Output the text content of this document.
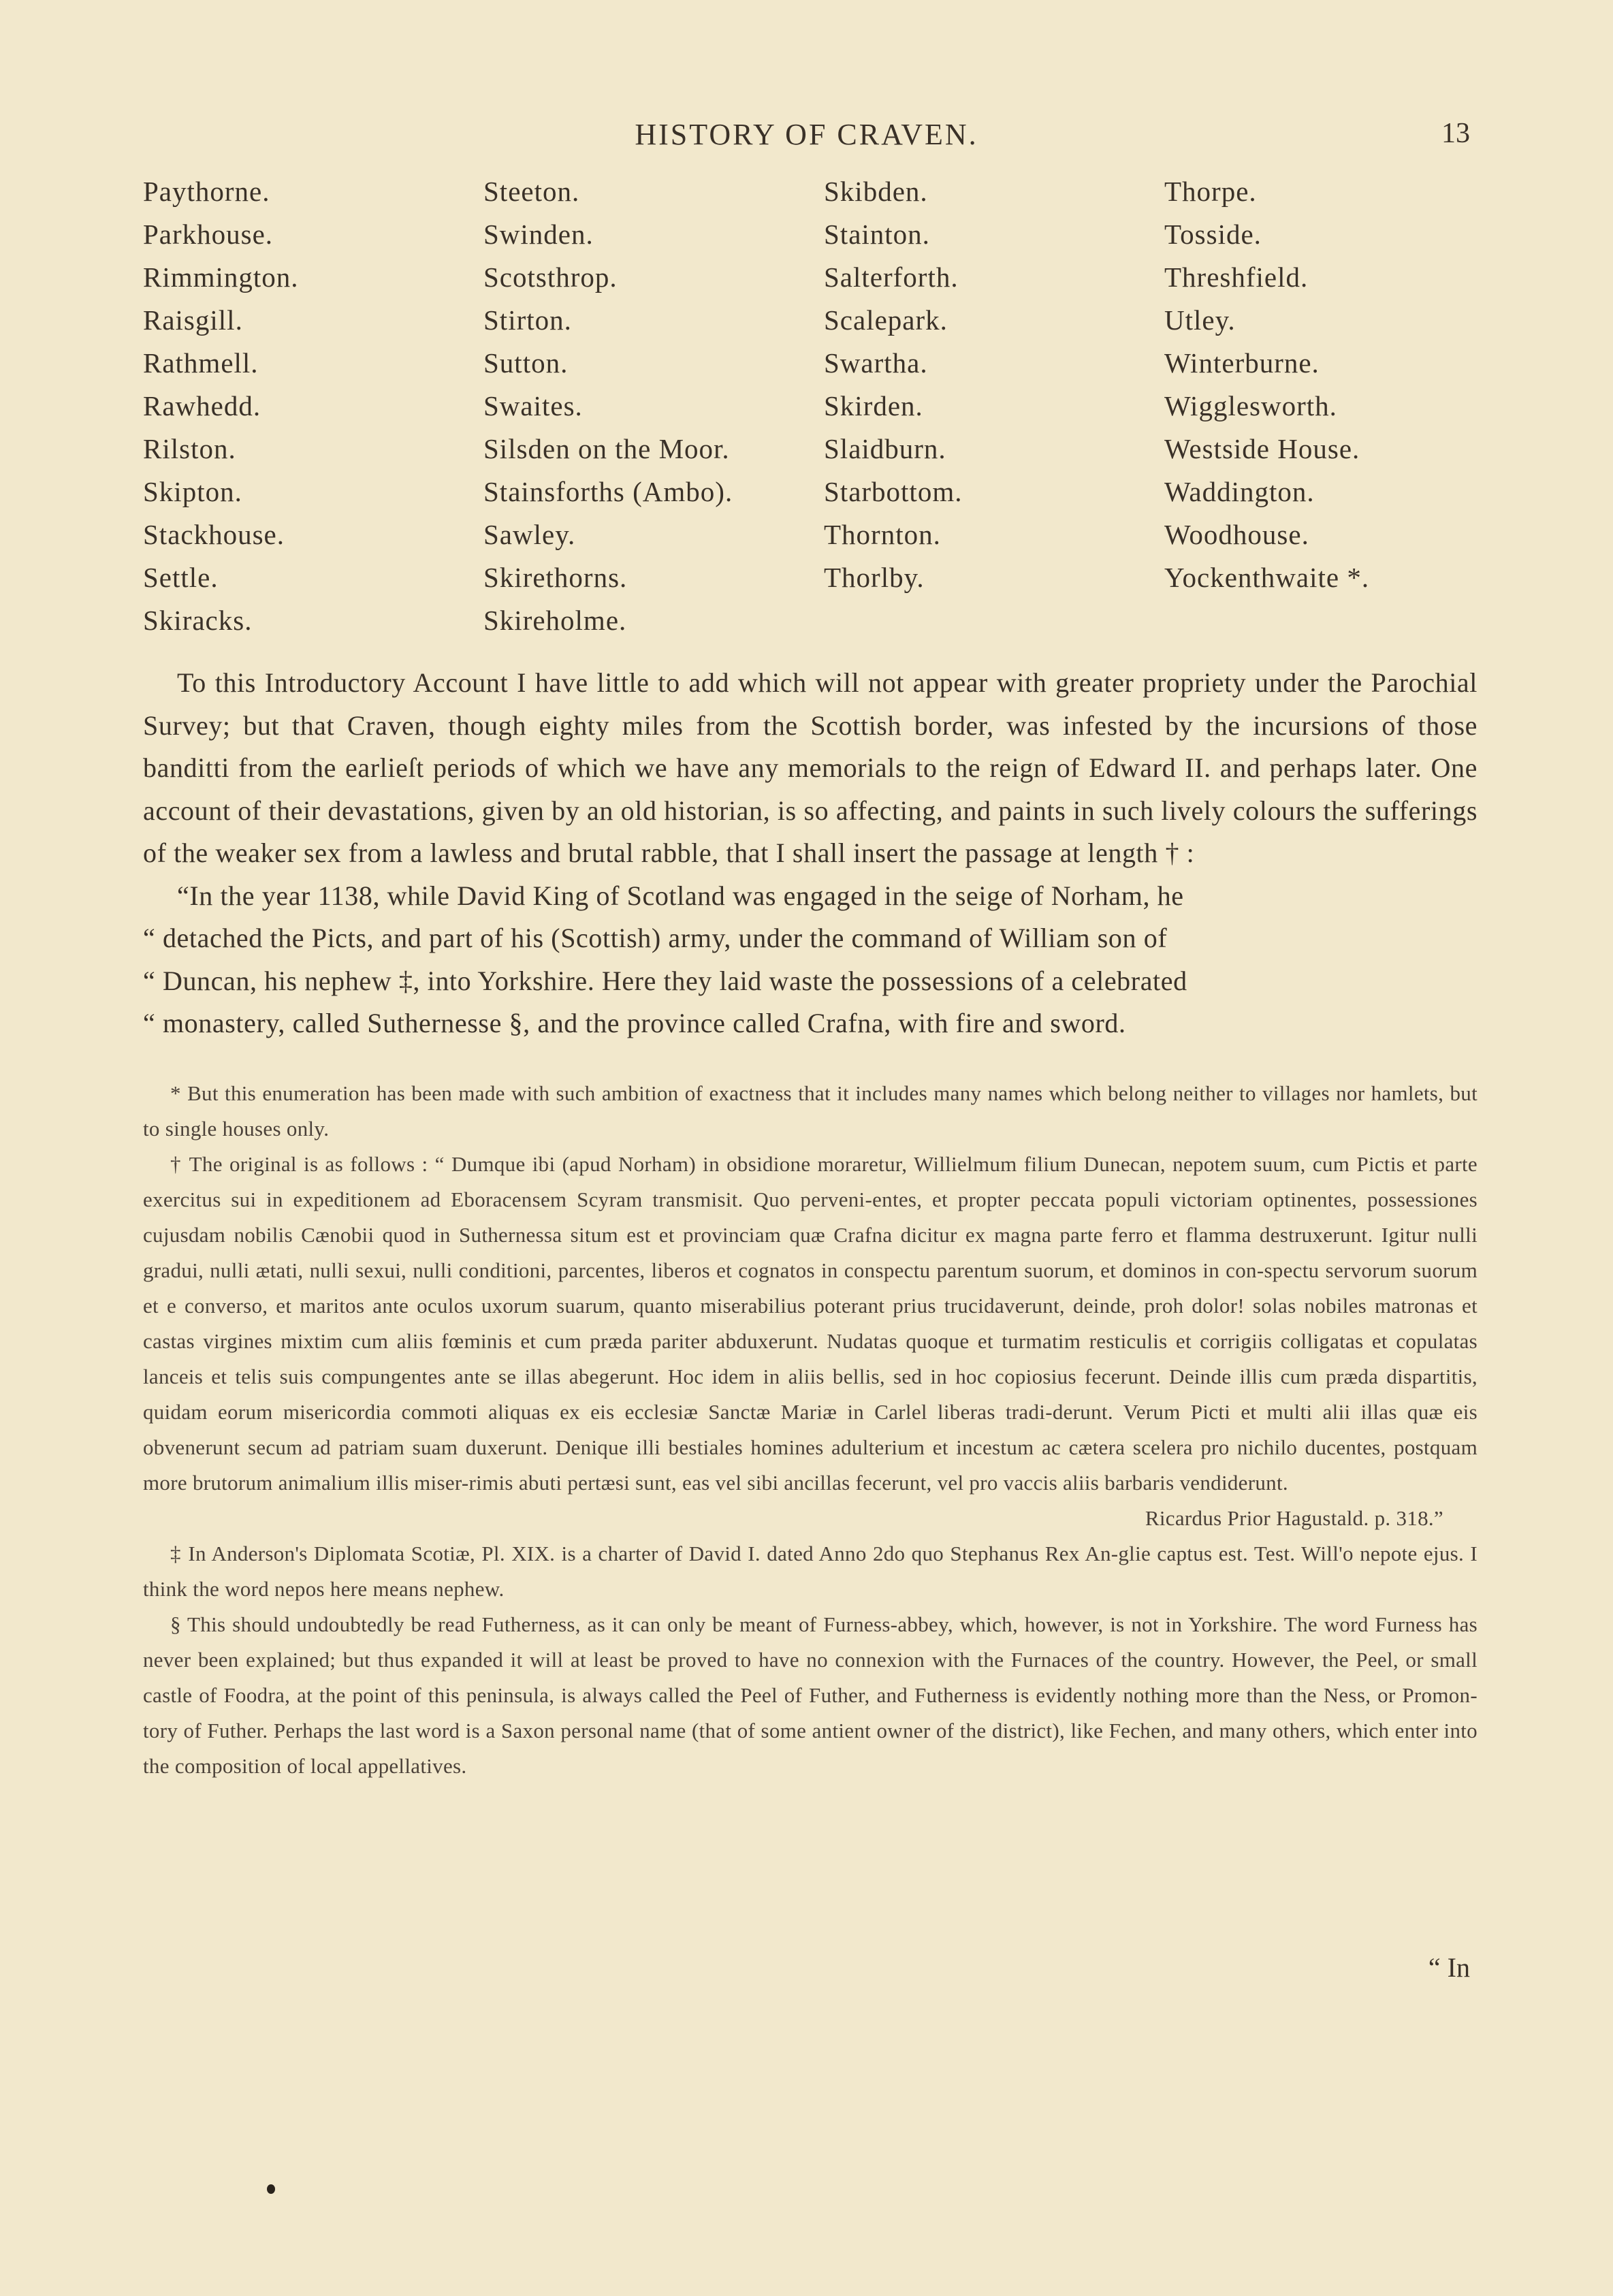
HISTORY OF CRAVEN.	13
Paythorne.
Parkhouse.
Rimmington.
Raisgill.
Rathmell.
Rawhedd.
Rilston.
Skipton.
Stackhouse.
Settle.
Skiracks.
Steeton.
Swinden.
Scotsthrop.
Stirton.
Sutton.
Swaites.
Silsden on the Moor.
Stainsforths (Ambo).
Sawley.
Skirethorns.
Skireholme.
Skibden.
Stainton.
Salterforth.
Scalepark.
Swartha.
Skirden.
Slaidburn.
Starbottom.
Thornton.
Thorlby.
Thorpe.
Tosside.
Threshfield.
Utley.
Winterburne.
Wigglesworth.
Westside House.
Waddington.
Woodhouse.
Yockenthwaite *.

To this Introductory Account I have little to add which will not appear with greater propriety under the Parochial Survey; but that Craven, though eighty miles from the Scottish border, was infested by the incursions of those banditti from the earlieſt periods of which we have any memorials to the reign of Edward II. and perhaps later. One account of their devastations, given by an old historian, is so affecting, and paints in such lively colours the sufferings of the weaker sex from a lawless and brutal rabble, that I shall insert the passage at length † :

“In the year 1138, while David King of Scotland was engaged in the seige of Norham, he
“ detached the Picts, and part of his (Scottish) army, under the command of William son of
“ Duncan, his nephew ‡, into Yorkshire. Here they laid waste the possessions of a celebrated
“ monastery, called Suthernesse §, and the province called Crafna, with fire and sword.

* But this enumeration has been made with such ambition of exactness that it includes many names which belong neither to villages nor hamlets, but to single houses only.

† The original is as follows : “ Dumque ibi (apud Norham) in obsidione moraretur, Willielmum filium Dunecan, nepotem suum, cum Pictis et parte exercitus sui in expeditionem ad Eboracensem Scyram transmisit. Quo perveni-entes, et propter peccata populi victoriam optinentes, possessiones cujusdam nobilis Cænobii quod in Suthernessa situm est et provinciam quæ Crafna dicitur ex magna parte ferro et flamma destruxerunt. Igitur nulli gradui, nulli ætati, nulli sexui, nulli conditioni, parcentes, liberos et cognatos in conspectu parentum suorum, et dominos in con-spectu servorum suorum et e converso, et maritos ante oculos uxorum suarum, quanto miserabilius poterant prius trucidaverunt, deinde, proh dolor! solas nobiles matronas et castas virgines mixtim cum aliis fœminis et cum præda pariter abduxerunt. Nudatas quoque et turmatim resticulis et corrigiis colligatas et copulatas lanceis et telis suis compungentes ante se illas abegerunt. Hoc idem in aliis bellis, sed in hoc copiosius fecerunt. Deinde illis cum præda dispartitis, quidam eorum misericordia commoti aliquas ex eis ecclesiæ Sanctæ Mariæ in Carlel liberas tradi-derunt. Verum Picti et multi alii illas quæ eis obvenerunt secum ad patriam suam duxerunt. Denique illi bestiales homines adulterium et incestum ac cætera scelera pro nichilo ducentes, postquam more brutorum animalium illis miser-rimis abuti pertæsi sunt, eas vel sibi ancillas fecerunt, vel pro vaccis aliis barbaris vendiderunt.

Ricardus Prior Hagustald. p. 318.”

‡ In Anderson's Diplomata Scotiæ, Pl. XIX. is a charter of David I. dated Anno 2do quo Stephanus Rex An-glie captus est. Test. Will'o nepote ejus. I think the word nepos here means nephew.

§ This should undoubtedly be read Futherness, as it can only be meant of Furness-abbey, which, however, is not in Yorkshire. The word Furness has never been explained; but thus expanded it will at least be proved to have no connexion with the Furnaces of the country. However, the Peel, or small castle of Foodra, at the point of this peninsula, is always called the Peel of Futher, and Futherness is evidently nothing more than the Ness, or Promon-tory of Futher. Perhaps the last word is a Saxon personal name (that of some antient owner of the district), like Fechen, and many others, which enter into the composition of local appellatives.

“ In
